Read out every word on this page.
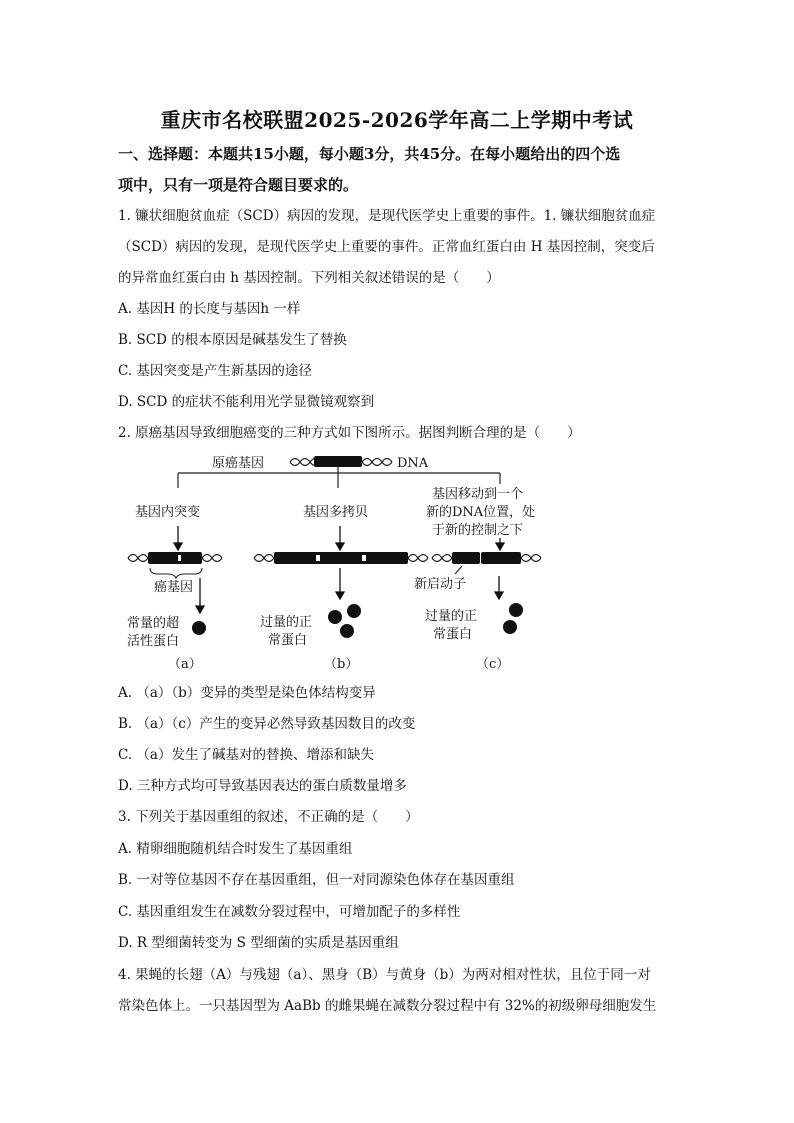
重庆市名校联盟2025-2026学年高二上学期中考试
一、选择题：本题共15小题，每小题3分，共45分。在每小题给出的四个选
项中，只有一项是符合题目要求的。
1. 镰状细胞贫血症（SCD）病因的发现，是现代医学史上重要的事件。1. 镰状细胞贫血症
（SCD）病因的发现，是现代医学史上重要的事件。正常血红蛋白由 H 基因控制，突变后
的异常血红蛋白由 h 基因控制。下列相关叙述错误的是（　　）
A. 基因H 的长度与基因h 一样
B. SCD 的根本原因是碱基发生了替换
C. 基因突变是产生新基因的途径
D. SCD 的症状不能利用光学显微镜观察到
2. 原癌基因导致细胞癌变的三种方式如下图所示。据图判断合理的是（　　）
原癌基因	DNA
基因内突变	基因多拷贝
基因移动到一个
新的DNA位置，处
于新的控制之下
癌基因	新启动子
常量的超
活性蛋白
过量的正
常蛋白
过量的正
常蛋白
（a）	（b）	（c）
A. （a）（b）变异的类型是染色体结构变异
B. （a）（c）产生的变异必然导致基因数目的改变
C. （a）发生了碱基对的替换、增添和缺失
D. 三种方式均可导致基因表达的蛋白质数量增多
3. 下列关于基因重组的叙述，不正确的是（　　）
A. 精卵细胞随机结合时发生了基因重组
B. 一对等位基因不存在基因重组，但一对同源染色体存在基因重组
C. 基因重组发生在减数分裂过程中，可增加配子的多样性
D. R 型细菌转变为 S 型细菌的实质是基因重组
4. 果蝇的长翅（A）与残翅（a）、黑身（B）与黄身（b）为两对相对性状，且位于同一对
常染色体上。一只基因型为 AaBb 的雌果蝇在减数分裂过程中有 32%的初级卵母细胞发生
